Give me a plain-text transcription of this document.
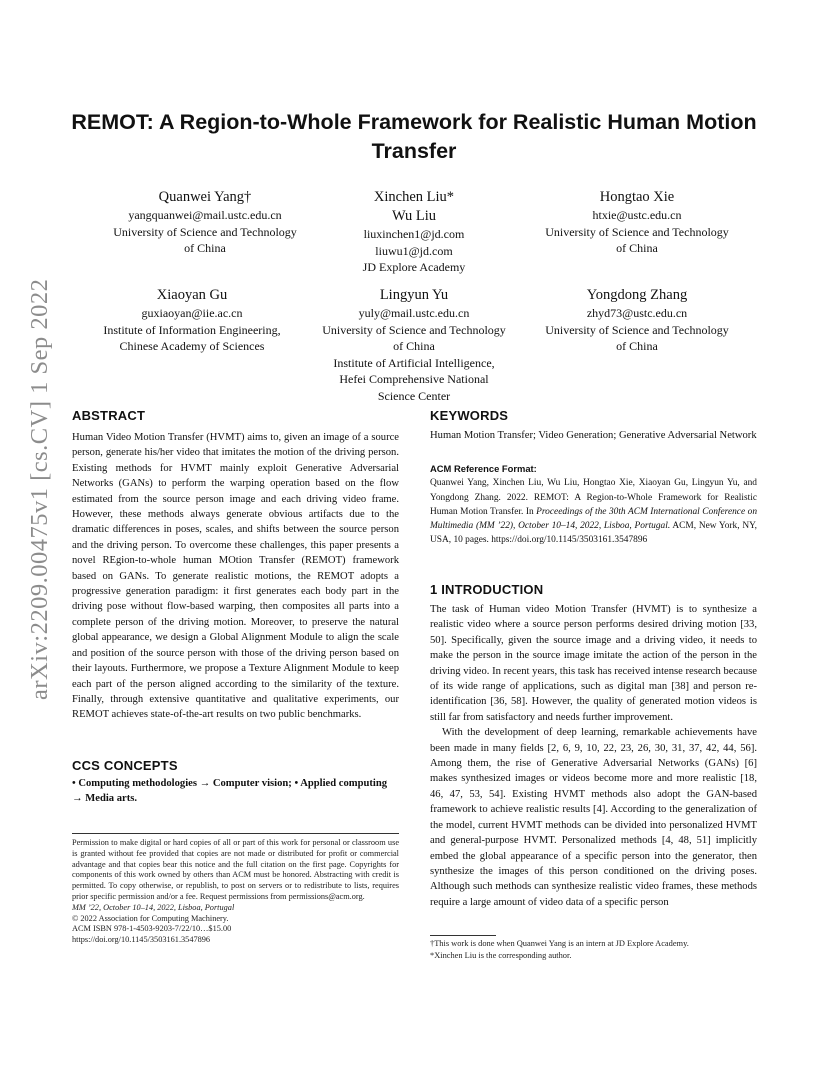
arXiv:2209.00475v1 [cs.CV] 1 Sep 2022
REMOT: A Region-to-Whole Framework for Realistic Human Motion Transfer
Quanwei Yang†
yangquanwei@mail.ustc.edu.cn
University of Science and Technology
of China
Xinchen Liu*
Wu Liu
liuxinchen1@jd.com
liuwu1@jd.com
JD Explore Academy
Hongtao Xie
htxie@ustc.edu.cn
University of Science and Technology
of China
Xiaoyan Gu
guxiaoyan@iie.ac.cn
Institute of Information Engineering,
Chinese Academy of Sciences
Lingyun Yu
yuly@mail.ustc.edu.cn
University of Science and Technology
of China
Institute of Artificial Intelligence,
Hefei Comprehensive National
Science Center
Yongdong Zhang
zhyd73@ustc.edu.cn
University of Science and Technology
of China
ABSTRACT

Human Video Motion Transfer (HVMT) aims to, given an image of a source person, generate his/her video that imitates the motion of the driving person. Existing methods for HVMT mainly exploit Generative Adversarial Networks (GANs) to perform the warping operation based on the flow estimated from the source person image and each driving video frame. However, these methods always generate obvious artifacts due to the dramatic differences in poses, scales, and shifts between the source person and the driving person. To overcome these challenges, this paper presents a novel REgion-to-whole human MOtion Transfer (REMOT) framework based on GANs. To generate realistic motions, the REMOT adopts a progressive generation paradigm: it first generates each body part in the driving pose without flow-based warping, then composites all parts into a complete person of the driving motion. Moreover, to preserve the natural global appearance, we design a Global Alignment Module to align the scale and position of the source person with those of the driving person based on their layouts. Furthermore, we propose a Texture Alignment Module to keep each part of the person aligned according to the similarity of the texture. Finally, through extensive quantitative and qualitative experiments, our REMOT achieves state-of-the-art results on two public benchmarks.

CCS CONCEPTS
• Computing methodologies → Computer vision; • Applied computing → Media arts.

Permission to make digital or hard copies of all or part of this work for personal or classroom use is granted without fee provided that copies are not made or distributed for profit or commercial advantage and that copies bear this notice and the full citation on the first page. Copyrights for components of this work owned by others than ACM must be honored. Abstracting with credit is permitted. To copy otherwise, or republish, to post on servers or to redistribute to lists, requires prior specific permission and/or a fee. Request permissions from permissions@acm.org.

MM ’22, October 10–14, 2022, Lisboa, Portugal

© 2022 Association for Computing Machinery.

ACM ISBN 978-1-4503-9203-7/22/10…$15.00

https://doi.org/10.1145/3503161.3547896

KEYWORDS
Human Motion Transfer; Video Generation; Generative Adversarial Network

ACM Reference Format:

Quanwei Yang, Xinchen Liu, Wu Liu, Hongtao Xie, Xiaoyan Gu, Lingyun Yu, and Yongdong Zhang. 2022. REMOT: A Region-to-Whole Framework for Realistic Human Motion Transfer. In Proceedings of the 30th ACM International Conference on Multimedia (MM ’22), October 10–14, 2022, Lisboa, Portugal. ACM, New York, NY, USA, 10 pages. https://doi.org/10.1145/3503161.3547896

1 INTRODUCTION

The task of Human video Motion Transfer (HVMT) is to synthesize a realistic video where a source person performs desired driving motion [33, 50]. Specifically, given the source image and a driving video, it needs to make the person in the source image imitate the action of the person in the driving video. In recent years, this task has received intense research because of its wide range of applications, such as digital man [38] and person re-identification [36, 58]. However, the quality of generated motion videos is still far from satisfactory and needs further improvement.

With the development of deep learning, remarkable achievements have been made in many fields [2, 6, 9, 10, 22, 23, 26, 30, 31, 37, 42, 44, 56]. Among them, the rise of Generative Adversarial Networks (GANs) [6] makes synthesized images or videos become more and more realistic [18, 46, 47, 53, 54]. Existing HVMT methods also adopt the GAN-based framework to achieve realistic results [4]. According to the generalization of the model, current HVMT methods can be divided into personalized HVMT and general-purpose HVMT. Personalized methods [4, 48, 51] implicitly embed the global appearance of a specific person into the generator, then synthesize the images of this person conditioned on the driving poses. Although such methods can synthesize realistic video frames, these methods require a large amount of video data of a specific person

†This work is done when Quanwei Yang is an intern at JD Explore Academy.

*Xinchen Liu is the corresponding author.
